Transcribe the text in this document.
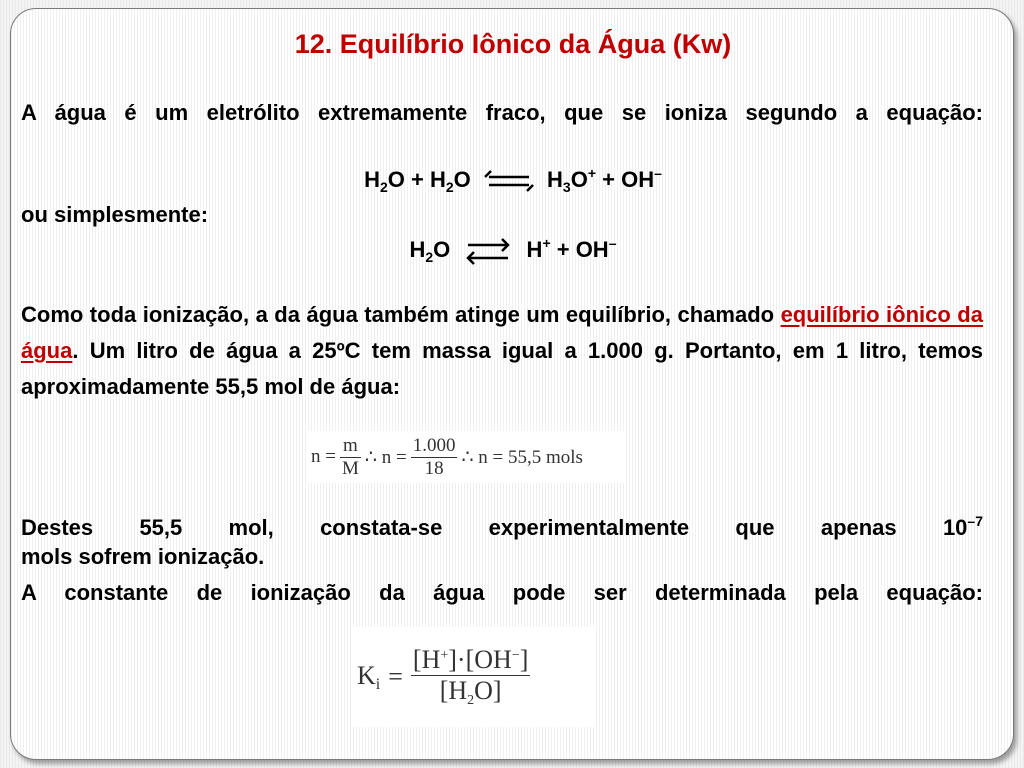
12. Equilíbrio Iônico da Água (Kw)
A água é um eletrólito extremamente fraco, que se ioniza segundo a equação:
$H_2O + H_2O$ ⇌ $H_3O^+ + OH^-$
ou simplesmente:
$H_2O$ ⇌ H+ + OH–
Como toda ionização, a da água também atinge um equilíbrio, chamado equilíbrio iônico da água. Um litro de água a 25ºC tem massa igual a 1.000 g. Portanto, em 1 litro, temos aproximadamente 55,5 mol de água:
$n = \frac{m}{M}$ ∴ $n = \frac{1.000}{18}$ ∴ n = 55,5 mols
Destes 55,5 mol, constata-se experimentalmente que apenas $10^{-7}$
mols sofrem ionização.
A constante de ionização da água pode ser determinada pela equação:
$K_i = \frac{[H^+]\cdot[OH^-]}{[H_2O]}$
